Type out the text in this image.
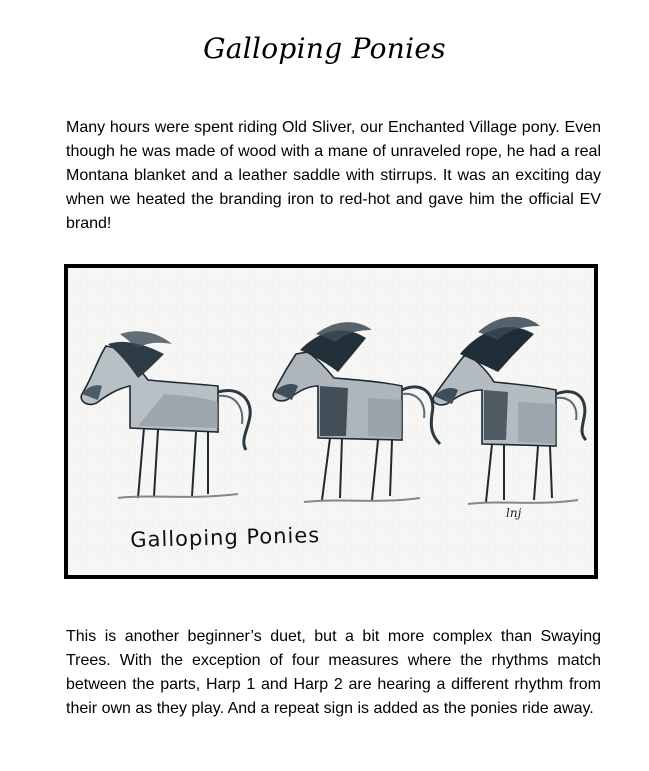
Galloping Ponies

Many hours were spent riding Old Sliver, our Enchanted Village pony. Even though he was made of wood with a mane of unraveled rope, he had a real Montana blanket and a leather saddle with stirrups. It was an exciting day when we heated the branding iron to red-hot and gave him the official EV brand!

Galloping Ponies
lnj

This is another beginner’s duet, but a bit more complex than Swaying Trees. With the exception of four measures where the rhythms match between the parts, Harp 1 and Harp 2 are hearing a different rhythm from their own as they play. And a repeat sign is added as the ponies ride away.
